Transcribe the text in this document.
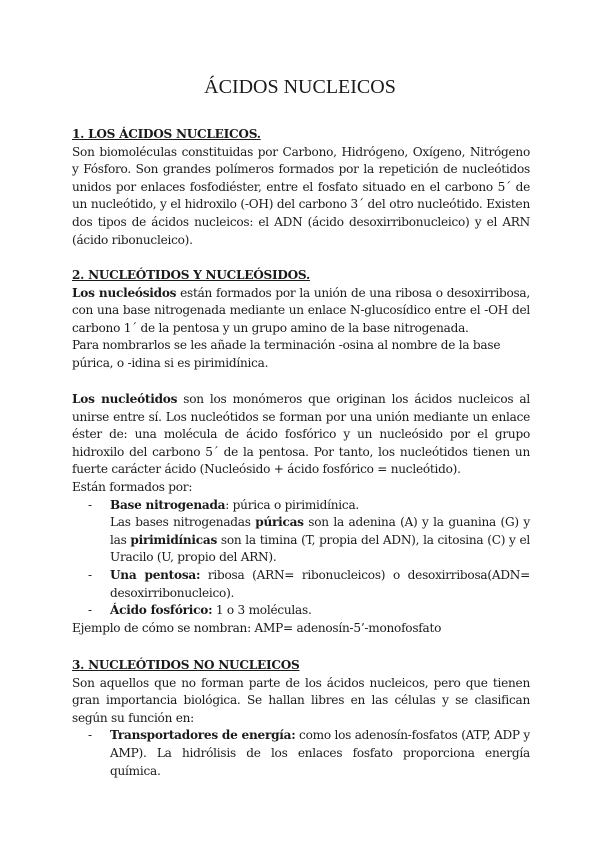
ÁCIDOS NUCLEICOS

1. LOS ÁCIDOS NUCLEICOS.

Son biomoléculas constituidas por Carbono, Hidrógeno, Oxígeno, Nitrógeno y Fósforo. Son grandes polímeros formados por la repetición de nucleótidos unidos por enlaces fosfodiéster, entre el fosfato situado en el carbono 5´ de un nucleótido, y el hidroxilo (-OH) del carbono 3´ del otro nucleótido. Existen dos tipos de ácidos nucleicos: el ADN (ácido desoxirribonucleico) y el ARN (ácido ribonucleico).

2. NUCLEÓTIDOS Y NUCLEÓSIDOS.

Los nucleósidos están formados por la unión de una ribosa o desoxirribosa, con una base nitrogenada mediante un enlace N-glucosídico entre el -OH del carbono 1´ de la pentosa y un grupo amino de la base nitrogenada.

Para nombrarlos se les añade la terminación -osina al nombre de la base púrica, o -idina si es pirimidínica.

Los nucleótidos son los monómeros que originan los ácidos nucleicos al unirse entre sí. Los nucleótidos se forman por una unión mediante un enlace éster de: una molécula de ácido fosfórico y un nucleósido por el grupo hidroxilo del carbono 5´ de la pentosa. Por tanto, los nucleótidos tienen un fuerte carácter ácido (Nucleósido + ácido fosfórico = nucleótido).

Están formados por:

- Base nitrogenada: púrica o pirimidínica.

Las bases nitrogenadas púricas son la adenina (A) y la guanina (G) y las pirimidínicas son la timina (T, propia del ADN), la citosina (C) y el Uracilo (U, propio del ARN).

- Una pentosa: ribosa (ARN= ribonucleicos) o desoxirribosa(ADN= desoxirribonucleico).

- Ácido fosfórico: 1 o 3 moléculas.

Ejemplo de cómo se nombran: AMP= adenosín-5’-monofosfato

3. NUCLEÓTIDOS NO NUCLEICOS

Son aquellos que no forman parte de los ácidos nucleicos, pero que tienen gran importancia biológica. Se hallan libres en las células y se clasifican según su función en:

- Transportadores de energía: como los adenosín-fosfatos (ATP, ADP y AMP). La hidrólisis de los enlaces fosfato proporciona energía química.
